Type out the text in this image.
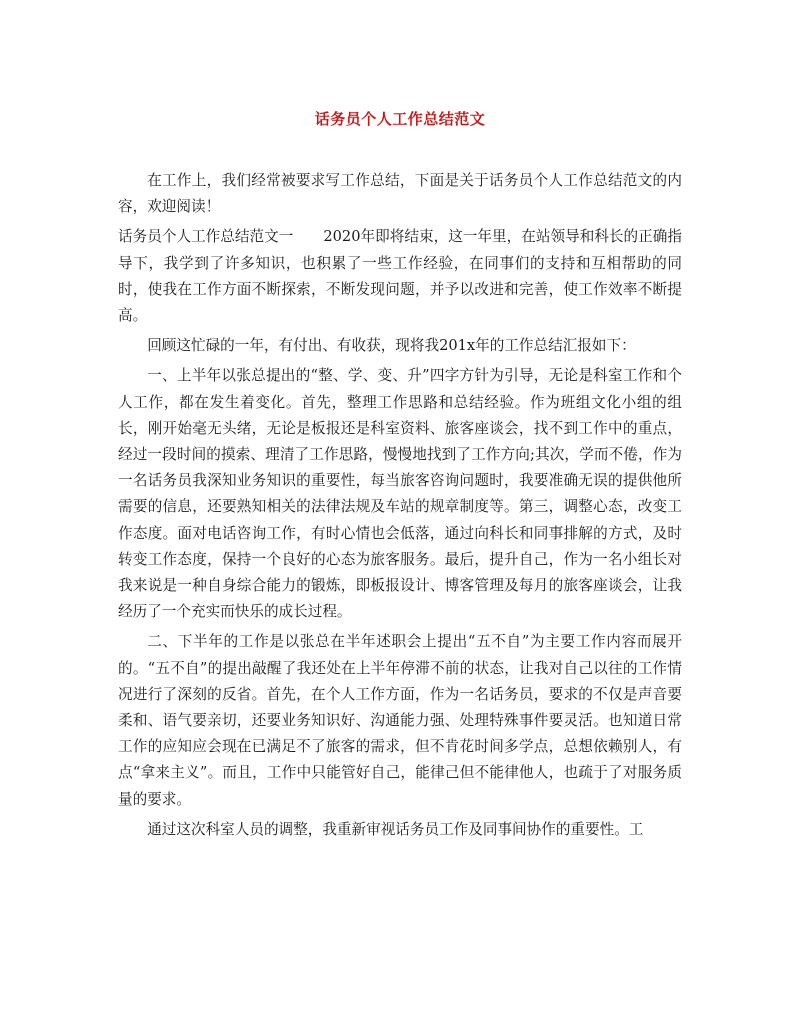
话务员个人工作总结范文

在工作上，我们经常被要求写工作总结，下面是关于话务员个人工作总结范文的内容，欢迎阅读！

话务员个人工作总结范文一 2020年即将结束，这一年里，在站领导和科长的正确指导下，我学到了许多知识，也积累了一些工作经验，在同事们的支持和互相帮助的同时，使我在工作方面不断探索，不断发现问题，并予以改进和完善，使工作效率不断提高。

回顾这忙碌的一年，有付出、有收获，现将我201x年的工作总结汇报如下：

一、上半年以张总提出的“整、学、变、升”四字方针为引导，无论是科室工作和个人工作，都在发生着变化。首先，整理工作思路和总结经验。作为班组文化小组的组长，刚开始毫无头绪，无论是板报还是科室资料、旅客座谈会，找不到工作中的重点，经过一段时间的摸索、理清了工作思路，慢慢地找到了工作方向;其次，学而不倦，作为一名话务员我深知业务知识的重要性，每当旅客咨询问题时，我要准确无误的提供他所需要的信息，还要熟知相关的法律法规及车站的规章制度等。第三，调整心态，改变工作态度。面对电话咨询工作，有时心情也会低落，通过向科长和同事排解的方式，及时转变工作态度，保持一个良好的心态为旅客服务。最后，提升自己，作为一名小组长对我来说是一种自身综合能力的锻炼，即板报设计、博客管理及每月的旅客座谈会，让我经历了一个充实而快乐的成长过程。

二、下半年的工作是以张总在半年述职会上提出“五不自”为主要工作内容而展开的。“五不自”的提出敲醒了我还处在上半年停滞不前的状态，让我对自己以往的工作情况进行了深刻的反省。首先，在个人工作方面，作为一名话务员，要求的不仅是声音要柔和、语气要亲切，还要业务知识好、沟通能力强、处理特殊事件要灵活。也知道日常工作的应知应会现在已满足不了旅客的需求，但不肯花时间多学点，总想依赖别人，有点“拿来主义”。而且，工作中只能管好自己，能律己但不能律他人，也疏于了对服务质量的要求。

通过这次科室人员的调整，我重新审视话务员工作及同事间协作的重要性。工
